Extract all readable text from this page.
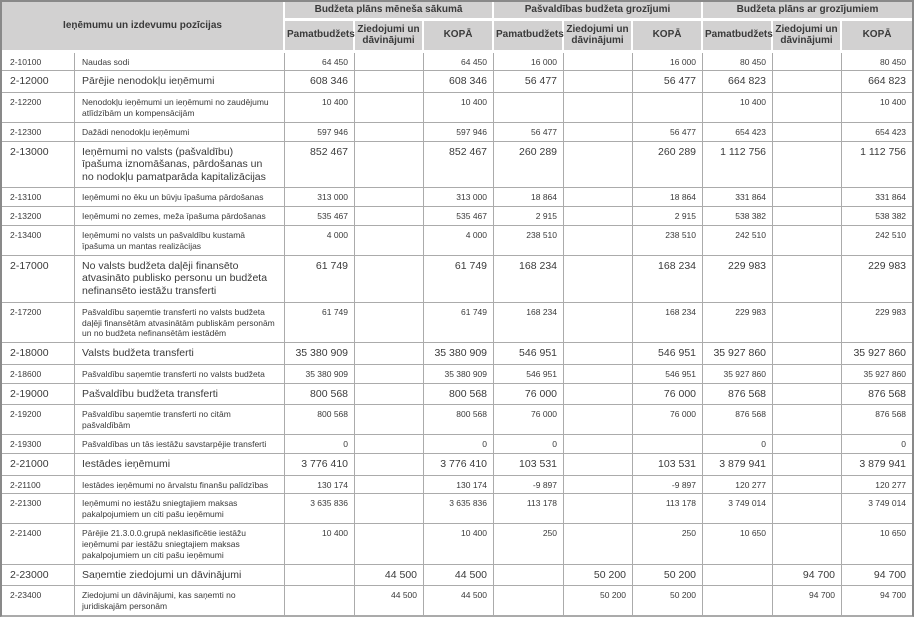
Ieņēmumu un izdevumu pozīcijas		Budžeta plāns mēneša sākumā			Pašvaldības budžeta grozījumi			Budžeta plāns ar grozījumiem		
		Pamatbudžets	Ziedojumi un dāvinājumi	KOPĀ	Pamatbudžets	Ziedojumi un dāvinājumi	KOPĀ	Pamatbudžets	Ziedojumi un dāvinājumi	KOPĀ
2-10100	Naudas sodi	64 450		64 450	16 000		16 000	80 450		80 450
2-12000	Pārējie nenodokļu ieņēmumi	608 346		608 346	56 477		56 477	664 823		664 823
2-12200	Nenodokļu ieņēmumi un ieņēmumi no zaudējumu atlīdzībām un kompensācijām	10 400		10 400				10 400		10 400
2-12300	Dažādi nenodokļu ieņēmumi	597 946		597 946	56 477		56 477	654 423		654 423
2-13000	Ieņēmumi no valsts (pašvaldību) īpašuma iznomāšanas, pārdošanas un no nodokļu pamatparāda kapitalizācijas	852 467		852 467	260 289		260 289	1 112 756		1 112 756
2-13100	Ieņēmumi no ēku un būvju īpašuma pārdošanas	313 000		313 000	18 864		18 864	331 864		331 864
2-13200	Ieņēmumi no zemes, meža īpašuma pārdošanas	535 467		535 467	2 915		2 915	538 382		538 382
2-13400	Ieņēmumi no valsts un pašvaldību kustamā īpašuma un mantas realizācijas	4 000		4 000	238 510		238 510	242 510		242 510
2-17000	No valsts budžeta daļēji finansēto atvasināto publisko personu un budžeta nefinansēto iestāžu transferti	61 749		61 749	168 234		168 234	229 983		229 983
2-17200	Pašvaldību saņemtie transferti no valsts budžeta daļēji finansētām atvasinātām publiskām personām un no budžeta nefinansētām iestādēm	61 749		61 749	168 234		168 234	229 983		229 983
2-18000	Valsts budžeta transferti	35 380 909		35 380 909	546 951		546 951	35 927 860		35 927 860
2-18600	Pašvaldību saņemtie transferti no valsts budžeta	35 380 909		35 380 909	546 951		546 951	35 927 860		35 927 860
2-19000	Pašvaldību budžeta transferti	800 568		800 568	76 000		76 000	876 568		876 568
2-19200	Pašvaldību saņemtie transferti no citām pašvaldībām	800 568		800 568	76 000		76 000	876 568		876 568
2-19300	Pašvaldības un tās iestāžu savstarpējie transferti	0		0	0			0		0
2-21000	Iestādes ieņēmumi	3 776 410		3 776 410	103 531		103 531	3 879 941		3 879 941
2-21100	Iestādes ieņēmumi no ārvalstu finanšu palīdzības	130 174		130 174	-9 897		-9 897	120 277		120 277
2-21300	Ieņēmumi no iestāžu sniegtajiem maksas pakalpojumiem un citi pašu ieņēmumi	3 635 836		3 635 836	113 178		113 178	3 749 014		3 749 014
2-21400	Pārējie 21.3.0.0.grupā neklasificētie iestāžu ieņēmumi par iestāžu sniegtajiem maksas pakalpojumiem un citi pašu ieņēmumi	10 400		10 400	250		250	10 650		10 650
2-23000	Saņemtie ziedojumi un dāvinājumi		44 500	44 500		50 200	50 200		94 700	94 700
2-23400	Ziedojumi un dāvinājumi, kas saņemti no juridiskajām personām		44 500	44 500		50 200	50 200		94 700	94 700
